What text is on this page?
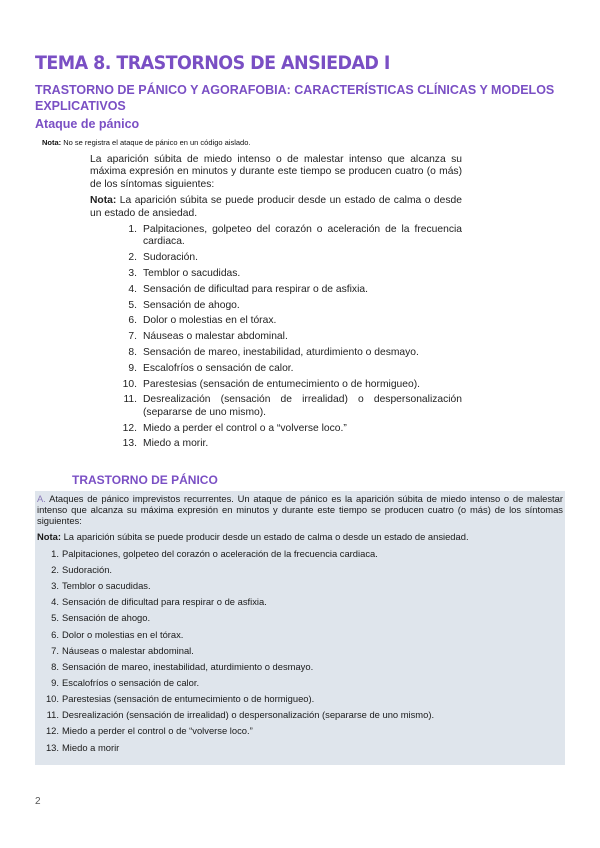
TEMA 8. TRASTORNOS DE ANSIEDAD I
TRASTORNO DE PÁNICO Y AGORAFOBIA: CARACTERÍSTICAS CLÍNICAS Y MODELOS EXPLICATIVOS
Ataque de pánico
Nota: No se registra el ataque de pánico en un código aislado.

La aparición súbita de miedo intenso o de malestar intenso que alcanza su máxima expresión en minutos y durante este tiempo se producen cuatro (o más) de los síntomas siguientes:

Nota: La aparición súbita se puede producir desde un estado de calma o desde un estado de ansiedad.

1. Palpitaciones, golpeteo del corazón o aceleración de la frecuencia cardiaca.
2. Sudoración.
3. Temblor o sacudidas.
4. Sensación de dificultad para respirar o de asfixia.
5. Sensación de ahogo.
6. Dolor o molestias en el tórax.
7. Náuseas o malestar abdominal.
8. Sensación de mareo, inestabilidad, aturdimiento o desmayo.
9. Escalofríos o sensación de calor.
10. Parestesias (sensación de entumecimiento o de hormigueo).
11. Desrealización (sensación de irrealidad) o despersonalización (separarse de uno mismo).
12. Miedo a perder el control o a “volverse loco.”
13. Miedo a morir.
TRASTORNO DE PÁNICO

A. Ataques de pánico imprevistos recurrentes. Un ataque de pánico es la aparición súbita de miedo intenso o de malestar intenso que alcanza su máxima expresión en minutos y durante este tiempo se producen cuatro (o más) de los síntomas siguientes:

Nota: La aparición súbita se puede producir desde un estado de calma o desde un estado de ansiedad.

1. Palpitaciones, golpeteo del corazón o aceleración de la frecuencia cardiaca.
2. Sudoración.
3. Temblor o sacudidas.
4. Sensación de dificultad para respirar o de asfixia.
5. Sensación de ahogo.
6. Dolor o molestias en el tórax.
7. Náuseas o malestar abdominal.
8. Sensación de mareo, inestabilidad, aturdimiento o desmayo.
9. Escalofríos o sensación de calor.
10. Parestesias (sensación de entumecimiento o de hormigueo).
11. Desrealización (sensación de irrealidad) o despersonalización (separarse de uno mismo).
12. Miedo a perder el control o de “volverse loco.”
13. Miedo a morir
2
